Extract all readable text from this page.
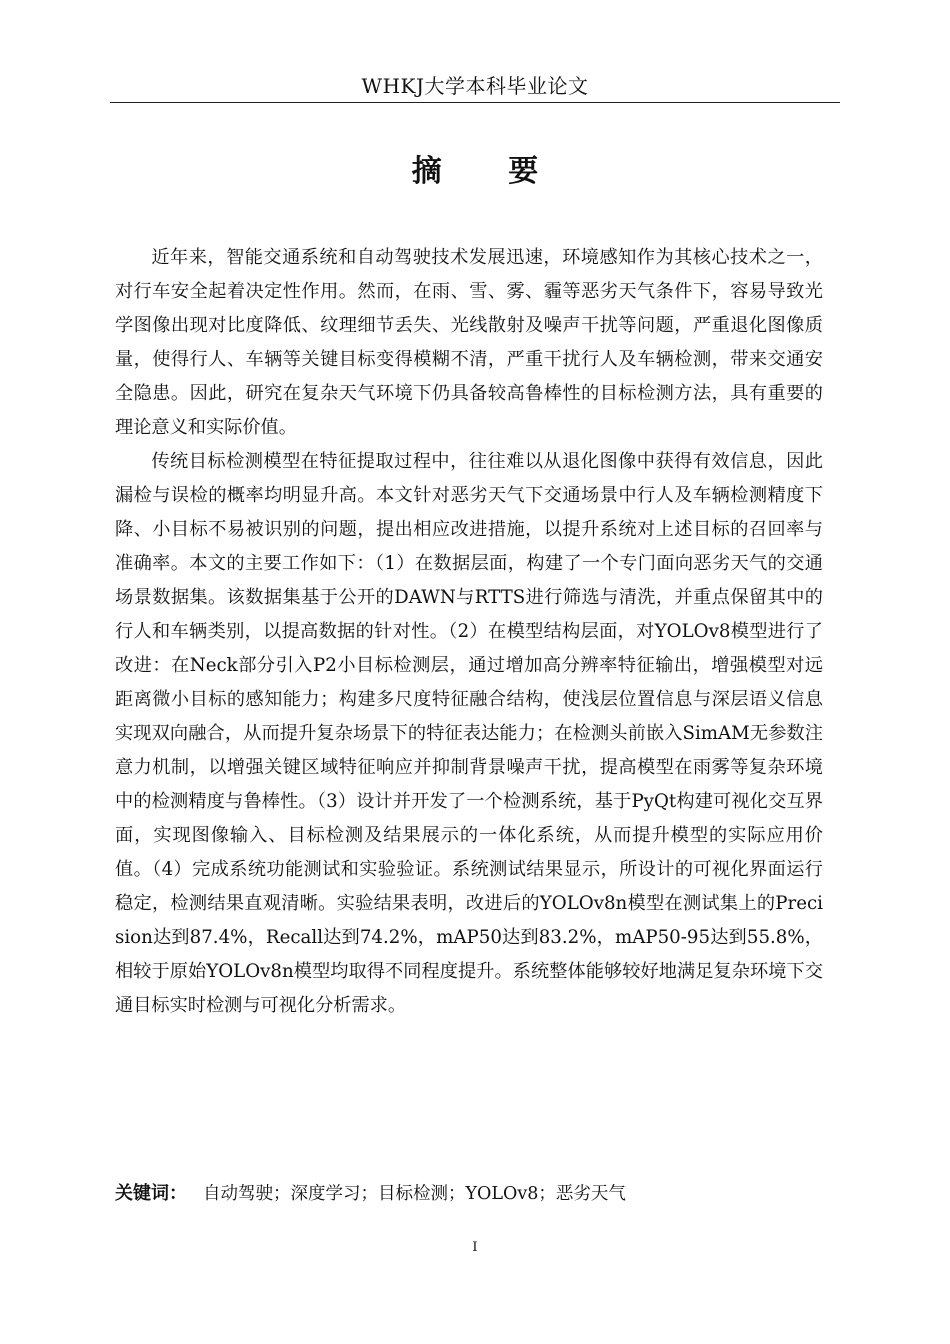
WHKJ大学本科毕业论文
摘 要

近年来，智能交通系统和自动驾驶技术发展迅速，环境感知作为其核心技术之一，对行车安全起着决定性作用。然而，在雨、雪、雾、霾等恶劣天气条件下，容易导致光学图像出现对比度降低、纹理细节丢失、光线散射及噪声干扰等问题，严重退化图像质量，使得行人、车辆等关键目标变得模糊不清，严重干扰行人及车辆检测，带来交通安全隐患。因此，研究在复杂天气环境下仍具备较高鲁棒性的目标检测方法，具有重要的理论意义和实际价值。

传统目标检测模型在特征提取过程中，往往难以从退化图像中获得有效信息，因此漏检与误检的概率均明显升高。本文针对恶劣天气下交通场景中行人及车辆检测精度下降、小目标不易被识别的问题，提出相应改进措施，以提升系统对上述目标的召回率与准确率。本文的主要工作如下：（1）在数据层面，构建了一个专门面向恶劣天气的交通场景数据集。该数据集基于公开的DAWN与RTTS进行筛选与清洗，并重点保留其中的行人和车辆类别，以提高数据的针对性。（2）在模型结构层面，对YOLOv8模型进行了改进：在Neck部分引入P2小目标检测层，通过增加高分辨率特征输出，增强模型对远距离微小目标的感知能力；构建多尺度特征融合结构，使浅层位置信息与深层语义信息实现双向融合，从而提升复杂场景下的特征表达能力；在检测头前嵌入SimAM无参数注意力机制，以增强关键区域特征响应并抑制背景噪声干扰，提高模型在雨雾等复杂环境中的检测精度与鲁棒性。（3）设计并开发了一个检测系统，基于PyQt构建可视化交互界面，实现图像输入、目标检测及结果展示的一体化系统，从而提升模型的实际应用价值。（4）完成系统功能测试和实验验证。系统测试结果显示，所设计的可视化界面运行稳定，检测结果直观清晰。实验结果表明，改进后的YOLOv8n模型在测试集上的Precision达到87.4%，Recall达到74.2%，mAP50达到83.2%，mAP50-95达到55.8%，相较于原始YOLOv8n模型均取得不同程度提升。系统整体能够较好地满足复杂环境下交通目标实时检测与可视化分析需求。

关键词： 自动驾驶；深度学习；目标检测；YOLOv8；恶劣天气
I
